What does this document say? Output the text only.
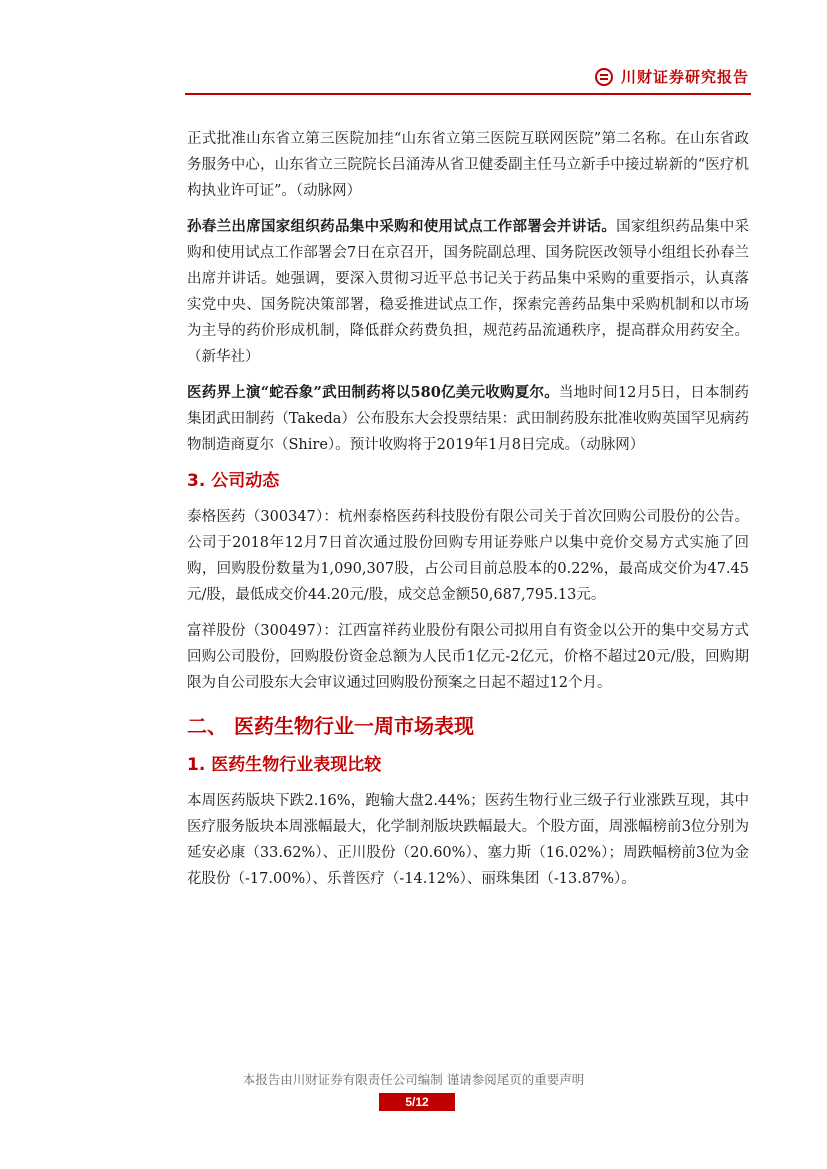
川财证券研究报告

正式批准山东省立第三医院加挂“山东省立第三医院互联网医院”第二名称。在山东省政务服务中心，山东省立三院院长吕涌涛从省卫健委副主任马立新手中接过崭新的“医疗机构执业许可证”。（动脉网）

孙春兰出席国家组织药品集中采购和使用试点工作部署会并讲话。国家组织药品集中采购和使用试点工作部署会7日在京召开，国务院副总理、国务院医改领导小组组长孙春兰出席并讲话。她强调，要深入贯彻习近平总书记关于药品集中采购的重要指示，认真落实党中央、国务院决策部署，稳妥推进试点工作，探索完善药品集中采购机制和以市场为主导的药价形成机制，降低群众药费负担，规范药品流通秩序，提高群众用药安全。（新华社）

医药界上演“蛇吞象”武田制药将以580亿美元收购夏尔。当地时间12月5日，日本制药集团武田制药（Takeda）公布股东大会投票结果：武田制药股东批准收购英国罕见病药物制造商夏尔（Shire）。预计收购将于2019年1月8日完成。（动脉网）

3. 公司动态

泰格医药（300347）：杭州泰格医药科技股份有限公司关于首次回购公司股份的公告。公司于2018年12月7日首次通过股份回购专用证券账户以集中竞价交易方式实施了回购，回购股份数量为1,090,307股，占公司目前总股本的0.22%，最高成交价为47.45元/股，最低成交价44.20元/股，成交总金额50,687,795.13元。

富祥股份（300497）：江西富祥药业股份有限公司拟用自有资金以公开的集中交易方式回购公司股份，回购股份资金总额为人民币1亿元-2亿元，价格不超过20元/股，回购期限为自公司股东大会审议通过回购股份预案之日起不超过12个月。

二、 医药生物行业一周市场表现
1. 医药生物行业表现比较

本周医药版块下跌2.16%，跑输大盘2.44%；医药生物行业三级子行业涨跌互现，其中医疗服务版块本周涨幅最大，化学制剂版块跌幅最大。个股方面，周涨幅榜前3位分别为延安必康（33.62%）、正川股份（20.60%）、塞力斯（16.02%）；周跌幅榜前3位为金花股份（-17.00%）、乐普医疗（-14.12%）、丽珠集团（-13.87%）。

本报告由川财证券有限责任公司编制 谨请参阅尾页的重要声明
5/12
